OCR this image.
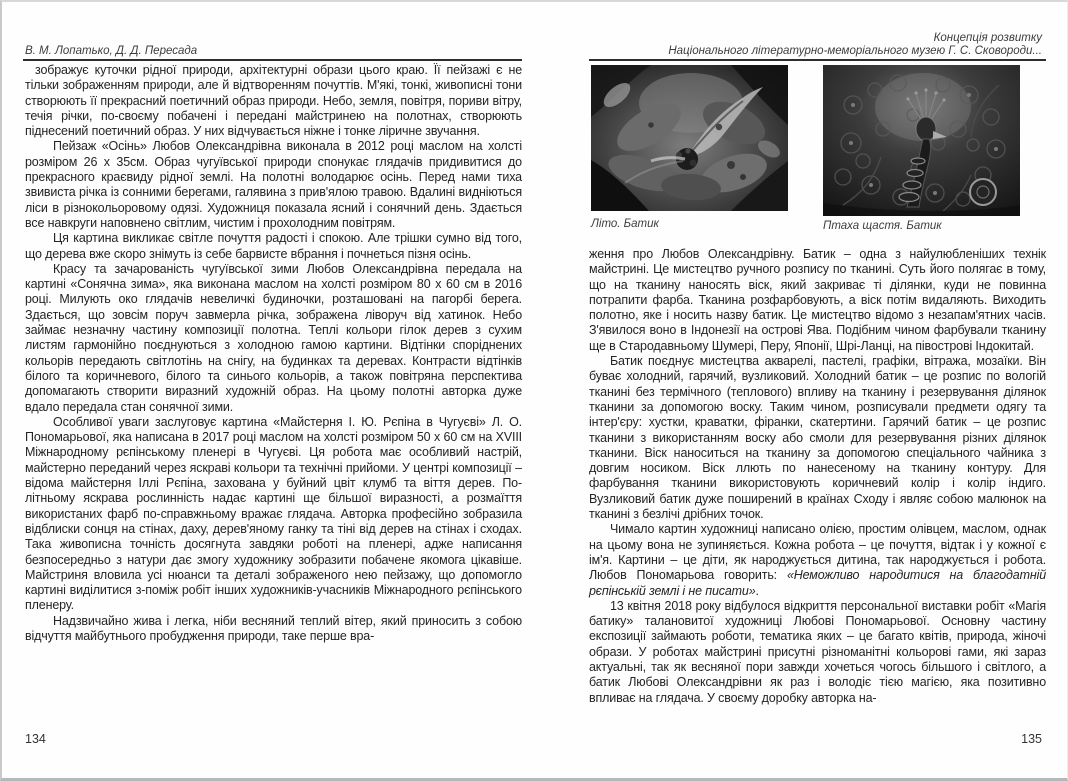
В. М. Лопатько, Д. Д. Пересада

зображує куточки рідної природи, архітектурні образи цього краю. Її пейзажі є не тільки зображенням природи, але й відтворенням почуттів. М'які, тонкі, живописні тони створюють її прекрасний поетичний образ природи. Небо, земля, повітря, пориви вітру, течія річки, по-своєму побачені і передані майстринею на полотнах, створюють піднесений поетичний образ. У них відчувається ніжне і тонке ліричне звучання.

Пейзаж «Осінь» Любов Олександрівна виконала в 2012 році маслом на холсті розміром 26 х 35см. Образ чугуївської природи спонукає глядачів придивитися до прекрасного краєвиду рідної землі. На полотні володарює осінь. Перед нами тиха звивиста річка із сонними берегами, галявина з прив'ялою травою. Вдалині видніються ліси в різнокольоровому одязі. Художниця показала ясний і сонячний день. Здається все навкруги наповнено світлим, чистим і прохолодним повітрям.

Ця картина викликає світле почуття радості і спокою. Але трішки сумно від того, що дерева вже скоро знімуть із себе барвисте вбрання і почнеться пізня осінь.

Красу та зачарованість чугуївської зими Любов Олександрівна передала на картині «Сонячна зима», яка виконана маслом на холсті розміром 80 х 60 см в 2016 році. Милують око глядачів невеличкі будиночки, розташовані на пагорбі берега. Здається, що зовсім поруч завмерла річка, зображена ліворуч від хатинок. Небо займає незначну частину композиції полотна. Теплі кольори гілок дерев з сухим листям гармонійно поєднуються з холодною гамою картини. Відтінки споріднених кольорів передають світлотінь на снігу, на будинках та деревах. Контрасти відтінків білого та коричневого, білого та синього кольорів, а також повітряна перспектива допомагають створити виразний художній образ. На цьому полотні авторка дуже вдало передала стан сонячної зими.

Особливої уваги заслуговує картина «Майстерня І. Ю. Рєпіна в Чугуєві» Л. О. Пономарьової, яка написана в 2017 році маслом на холсті розміром 50 х 60 см на XVIII Міжнародному рєпінському пленері в Чугуєві. Ця робота має особливий настрій, майстерно переданий через яскраві кольори та технічні прийоми. У центрі композиції – відома майстерня Іллі Рєпіна, захована у буйний цвіт клумб та віття дерев. По-літньому яскрава рослинність надає картині ще більшої виразності, а розмаїття використаних фарб по-справжньому вражає глядача. Авторка професійно зобразила відблиски сонця на стінах, даху, дерев'яному ганку та тіні від дерев на стінах і сходах. Така живописна точність досягнута завдяки роботі на пленері, адже написання безпосередньо з натури дає змогу художнику зобразити побачене якомога цікавіше. Майстриня вловила усі нюанси та деталі зображеного нею пейзажу, що допомогло картині виділитися з-поміж робіт інших художників-учасників Міжнародного рєпінського пленеру.

Надзвичайно жива і легка, ніби весняний теплий вітер, який приносить з собою відчуття майбутнього пробудження природи, таке перше вра-

134
Концепція розвитку
Національного літературно-меморіального музею Г. С. Сковороди...
Літо. Батик	Птаха щастя. Батик

ження про Любов Олександрівну. Батик – одна з найулюбленіших технік майстрині. Це мистецтво ручного розпису по тканині. Суть його полягає в тому, що на тканину наносять віск, який закриває ті ділянки, куди не повинна потрапити фарба. Тканина розфарбовують, а віск потім видаляють. Виходить полотно, яке і носить назву батик. Це мистецтво відомо з незапам'ятних часів. З'явилося воно в Індонезії на острові Ява. Подібним чином фарбували тканину ще в Стародавньому Шумері, Перу, Японії, Шрі-Ланці, на півострові Індокитай.

Батик поєднує мистецтва акварелі, пастелі, графіки, вітража, мозаїки. Він буває холодний, гарячий, вузликовий. Холодний батик – це розпис по вологій тканині без термічного (теплового) впливу на тканину і резервування ділянок тканини за допомогою воску. Таким чином, розписували предмети одягу та інтер'єру: хустки, краватки, фіранки, скатертини. Гарячий батик – це розпис тканини з використанням воску або смоли для резервування різних ділянок тканини. Віск наноситься на тканину за допомогою спеціального чайника з довгим носиком. Віск ллють по нанесеному на тканину контуру. Для фарбування тканини використовують коричневий колір і колір індиго. Вузликовий батик дуже поширений в країнах Сходу і являє собою малюнок на тканині з безлічі дрібних точок.

Чимало картин художниці написано олією, простим олівцем, маслом, однак на цьому вона не зупиняється. Кожна робота – це почуття, відтак і у кожної є ім'я. Картини – це діти, як народжується дитина, так народжується і робота. Любов Пономарьова говорить: «Неможливо народитися на благодатній рєпінській землі і не писати».

13 квітня 2018 року відбулося відкриття персональної виставки робіт «Магія батику» талановитої художниці Любові Пономарьової. Основну частину експозиції займають роботи, тематика яких – це багато квітів, природа, жіночі образи. У роботах майстрині присутні різноманітні кольорові гами, які зараз актуальні, так як весняної пори завжди хочеться чогось більшого і світлого, а батик Любові Олександрівни як раз і володіє тією магією, яка позитивно впливає на глядача. У своєму доробку авторка на-

135
